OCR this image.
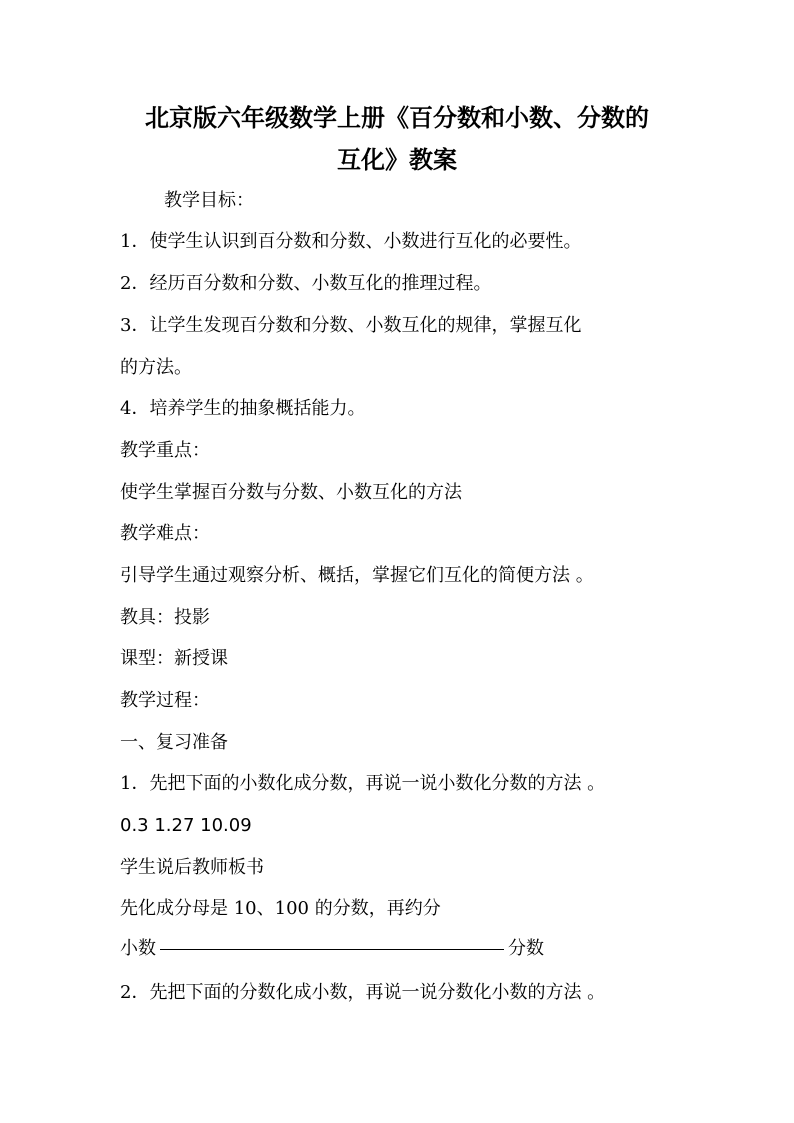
北京版六年级数学上册《百分数和小数、分数的
互化》教案
教学目标：
1．使学生认识到百分数和分数、小数进行互化的必要性。
2．经历百分数和分数、小数互化的推理过程。
3．让学生发现百分数和分数、小数互化的规律，掌握互化
的方法。
4．培养学生的抽象概括能力。
教学重点：
使学生掌握百分数与分数、小数互化的方法
教学难点：
引导学生通过观察分析、概括，掌握它们互化的简便方法 。
教具：投影
课型：新授课
教学过程：
一、复习准备
1．先把下面的小数化成分数，再说一说小数化分数的方法 。
0.3 1.27 10.09
学生说后教师板书
先化成分母是 10、100 的分数，再约分
小数	分数
2．先把下面的分数化成小数，再说一说分数化小数的方法 。
